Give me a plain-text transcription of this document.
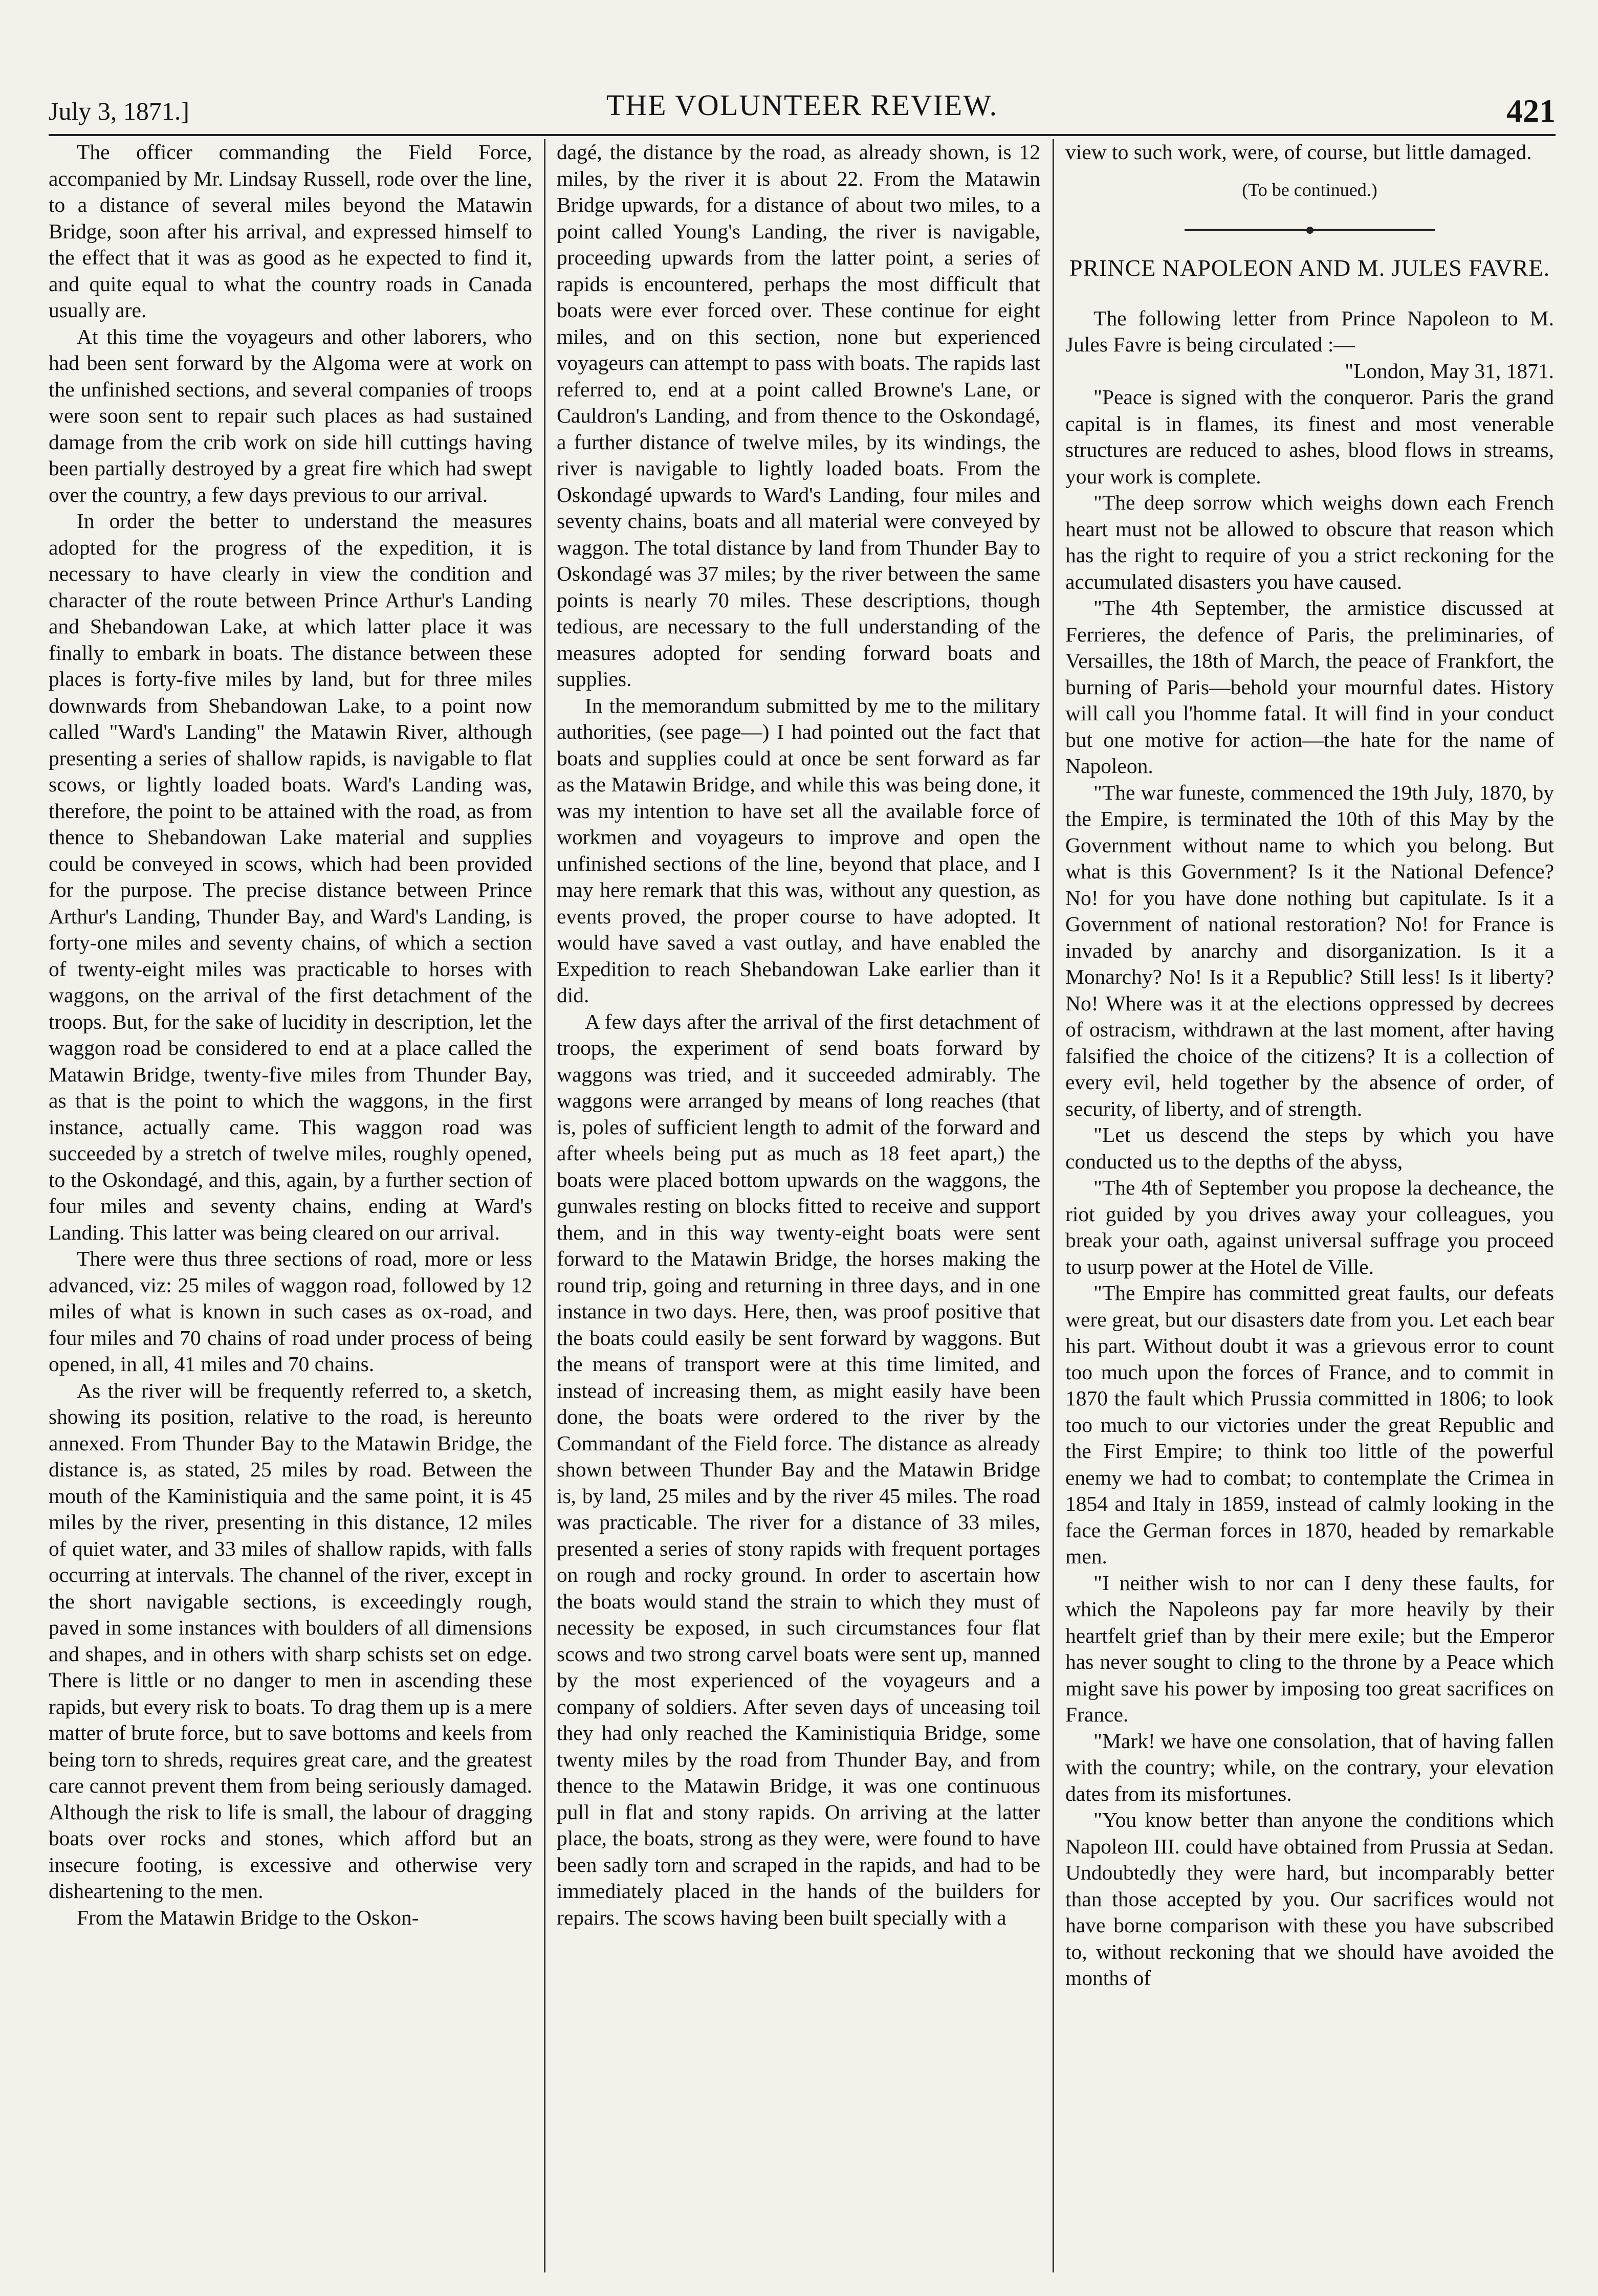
July 3, 1871.]	THE VOLUNTEER REVIEW.	421

The officer commanding the Field Force, accompanied by Mr. Lindsay Russell, rode over the line, to a distance of several miles beyond the Matawin Bridge, soon after his arrival, and expressed himself to the effect that it was as good as he expected to find it, and quite equal to what the country roads in Canada usually are.

At this time the voyageurs and other laborers, who had been sent forward by the Algoma were at work on the unfinished sections, and several companies of troops were soon sent to repair such places as had sustained damage from the crib work on side hill cuttings having been partially destroyed by a great fire which had swept over the country, a few days previous to our arrival.

In order the better to understand the measures adopted for the progress of the expedition, it is necessary to have clearly in view the condition and character of the route between Prince Arthur's Landing and Shebandowan Lake, at which latter place it was finally to embark in boats. The distance between these places is forty-five miles by land, but for three miles downwards from Shebandowan Lake, to a point now called "Ward's Landing" the Matawin River, although presenting a series of shallow rapids, is navigable to flat scows, or lightly loaded boats. Ward's Landing was, therefore, the point to be attained with the road, as from thence to Shebandowan Lake material and supplies could be conveyed in scows, which had been provided for the purpose. The precise distance between Prince Arthur's Landing, Thunder Bay, and Ward's Landing, is forty-one miles and seventy chains, of which a section of twenty-eight miles was practicable to horses with waggons, on the arrival of the first detachment of the troops. But, for the sake of lucidity in description, let the waggon road be considered to end at a place called the Matawin Bridge, twenty-five miles from Thunder Bay, as that is the point to which the waggons, in the first instance, actually came. This waggon road was succeeded by a stretch of twelve miles, roughly opened, to the Oskondagé, and this, again, by a further section of four miles and seventy chains, ending at Ward's Landing. This latter was being cleared on our arrival.

There were thus three sections of road, more or less advanced, viz: 25 miles of waggon road, followed by 12 miles of what is known in such cases as ox-road, and four miles and 70 chains of road under process of being opened, in all, 41 miles and 70 chains.

As the river will be frequently referred to, a sketch, showing its position, relative to the road, is hereunto annexed. From Thunder Bay to the Matawin Bridge, the distance is, as stated, 25 miles by road. Between the mouth of the Kaministiquia and the same point, it is 45 miles by the river, presenting in this distance, 12 miles of quiet water, and 33 miles of shallow rapids, with falls occurring at intervals. The channel of the river, except in the short navigable sections, is exceedingly rough, paved in some instances with boulders of all dimensions and shapes, and in others with sharp schists set on edge. There is little or no danger to men in ascending these rapids, but every risk to boats. To drag them up is a mere matter of brute force, but to save bottoms and keels from being torn to shreds, requires great care, and the greatest care cannot prevent them from being seriously damaged. Although the risk to life is small, the labour of dragging boats over rocks and stones, which afford but an insecure footing, is excessive and otherwise very disheartening to the men.

From the Matawin Bridge to the Oskon-

dagé, the distance by the road, as already shown, is 12 miles, by the river it is about 22. From the Matawin Bridge upwards, for a distance of about two miles, to a point called Young's Landing, the river is navigable, proceeding upwards from the latter point, a series of rapids is encountered, perhaps the most difficult that boats were ever forced over. These continue for eight miles, and on this section, none but experienced voyageurs can attempt to pass with boats. The rapids last referred to, end at a point called Browne's Lane, or Cauldron's Landing, and from thence to the Oskondagé, a further distance of twelve miles, by its windings, the river is navigable to lightly loaded boats. From the Oskondagé upwards to Ward's Landing, four miles and seventy chains, boats and all material were conveyed by waggon. The total distance by land from Thunder Bay to Oskondagé was 37 miles; by the river between the same points is nearly 70 miles. These descriptions, though tedious, are necessary to the full understanding of the measures adopted for sending forward boats and supplies.

In the memorandum submitted by me to the military authorities, (see page—) I had pointed out the fact that boats and supplies could at once be sent forward as far as the Matawin Bridge, and while this was being done, it was my intention to have set all the available force of workmen and voyageurs to improve and open the unfinished sections of the line, beyond that place, and I may here remark that this was, without any question, as events proved, the proper course to have adopted. It would have saved a vast outlay, and have enabled the Expedition to reach Shebandowan Lake earlier than it did.

A few days after the arrival of the first detachment of troops, the experiment of send boats forward by waggons was tried, and it succeeded admirably. The waggons were arranged by means of long reaches (that is, poles of sufficient length to admit of the forward and after wheels being put as much as 18 feet apart,) the boats were placed bottom upwards on the waggons, the gunwales resting on blocks fitted to receive and support them, and in this way twenty-eight boats were sent forward to the Matawin Bridge, the horses making the round trip, going and returning in three days, and in one instance in two days. Here, then, was proof positive that the boats could easily be sent forward by waggons. But the means of transport were at this time limited, and instead of increasing them, as might easily have been done, the boats were ordered to the river by the Commandant of the Field force. The distance as already shown between Thunder Bay and the Matawin Bridge is, by land, 25 miles and by the river 45 miles. The road was practicable. The river for a distance of 33 miles, presented a series of stony rapids with frequent portages on rough and rocky ground. In order to ascertain how the boats would stand the strain to which they must of necessity be exposed, in such circumstances four flat scows and two strong carvel boats were sent up, manned by the most experienced of the voyageurs and a company of soldiers. After seven days of unceasing toil they had only reached the Kaministiquia Bridge, some twenty miles by the road from Thunder Bay, and from thence to the Matawin Bridge, it was one continuous pull in flat and stony rapids. On arriving at the latter place, the boats, strong as they were, were found to have been sadly torn and scraped in the rapids, and had to be immediately placed in the hands of the builders for repairs. The scows having been built specially with a

view to such work, were, of course, but little damaged.

(To be continued.)
PRINCE NAPOLEON AND M. JULES FAVRE.

The following letter from Prince Napoleon to M. Jules Favre is being circulated :—

"London, May 31, 1871.

"Peace is signed with the conqueror. Paris the grand capital is in flames, its finest and most venerable structures are reduced to ashes, blood flows in streams, your work is complete.

"The deep sorrow which weighs down each French heart must not be allowed to obscure that reason which has the right to require of you a strict reckoning for the accumulated disasters you have caused.

"The 4th September, the armistice discussed at Ferrieres, the defence of Paris, the preliminaries, of Versailles, the 18th of March, the peace of Frankfort, the burning of Paris—behold your mournful dates. History will call you l'homme fatal. It will find in your conduct but one motive for action—the hate for the name of Napoleon.

"The war funeste, commenced the 19th July, 1870, by the Empire, is terminated the 10th of this May by the Government without name to which you belong. But what is this Government? Is it the National Defence? No! for you have done nothing but capitulate. Is it a Government of national restoration? No! for France is invaded by anarchy and disorganization. Is it a Monarchy? No! Is it a Republic? Still less! Is it liberty? No! Where was it at the elections oppressed by decrees of ostracism, withdrawn at the last moment, after having falsified the choice of the citizens? It is a collection of every evil, held together by the absence of order, of security, of liberty, and of strength.

"Let us descend the steps by which you have conducted us to the depths of the abyss,

"The 4th of September you propose la decheance, the riot guided by you drives away your colleagues, you break your oath, against universal suffrage you proceed to usurp power at the Hotel de Ville.

"The Empire has committed great faults, our defeats were great, but our disasters date from you. Let each bear his part. Without doubt it was a grievous error to count too much upon the forces of France, and to commit in 1870 the fault which Prussia committed in 1806; to look too much to our victories under the great Republic and the First Empire; to think too little of the powerful enemy we had to combat; to contemplate the Crimea in 1854 and Italy in 1859, instead of calmly looking in the face the German forces in 1870, headed by remarkable men.

"I neither wish to nor can I deny these faults, for which the Napoleons pay far more heavily by their heartfelt grief than by their mere exile; but the Emperor has never sought to cling to the throne by a Peace which might save his power by imposing too great sacrifices on France.

"Mark! we have one consolation, that of having fallen with the country; while, on the contrary, your elevation dates from its misfortunes.

"You know better than anyone the conditions which Napoleon III. could have obtained from Prussia at Sedan. Undoubtedly they were hard, but incomparably better than those accepted by you. Our sacrifices would not have borne comparison with these you have subscribed to, without reckoning that we should have avoided the months of
